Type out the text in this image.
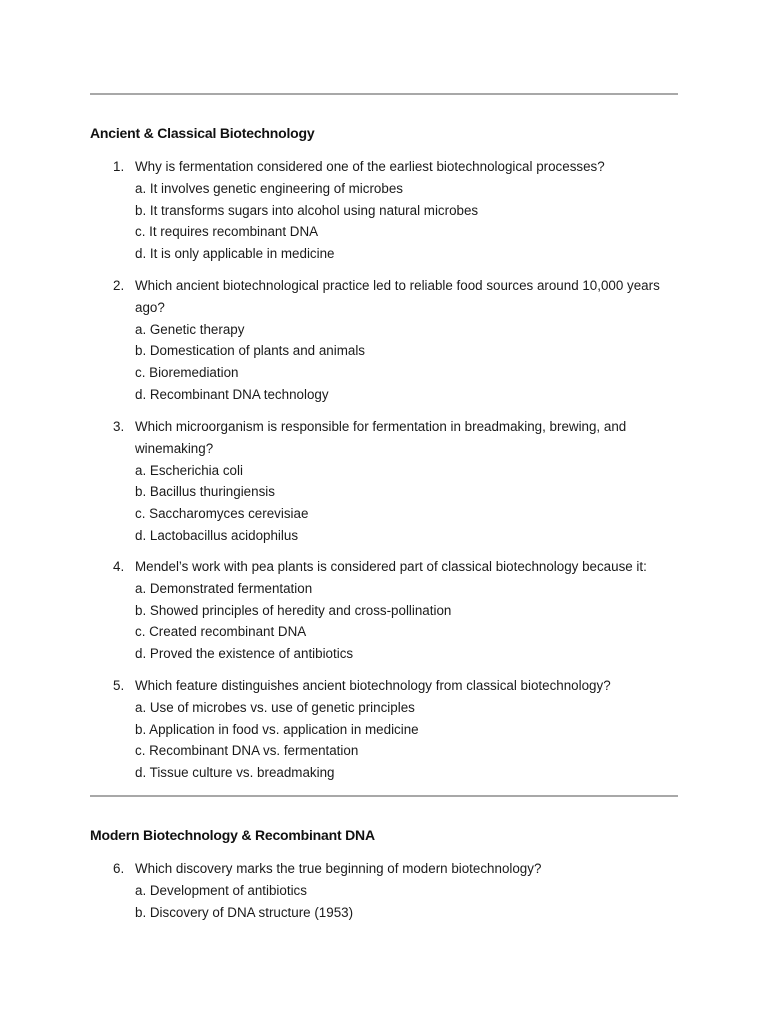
Ancient & Classical Biotechnology
1. Why is fermentation considered one of the earliest biotechnological processes?
a. It involves genetic engineering of microbes
b. It transforms sugars into alcohol using natural microbes
c. It requires recombinant DNA
d. It is only applicable in medicine
2. Which ancient biotechnological practice led to reliable food sources around 10,000 years ago?
a. Genetic therapy
b. Domestication of plants and animals
c. Bioremediation
d. Recombinant DNA technology
3. Which microorganism is responsible for fermentation in breadmaking, brewing, and winemaking?
a. Escherichia coli
b. Bacillus thuringiensis
c. Saccharomyces cerevisiae
d. Lactobacillus acidophilus
4. Mendel’s work with pea plants is considered part of classical biotechnology because it:
a. Demonstrated fermentation
b. Showed principles of heredity and cross-pollination
c. Created recombinant DNA
d. Proved the existence of antibiotics
5. Which feature distinguishes ancient biotechnology from classical biotechnology?
a. Use of microbes vs. use of genetic principles
b. Application in food vs. application in medicine
c. Recombinant DNA vs. fermentation
d. Tissue culture vs. breadmaking
Modern Biotechnology & Recombinant DNA
6. Which discovery marks the true beginning of modern biotechnology?
a. Development of antibiotics
b. Discovery of DNA structure (1953)
